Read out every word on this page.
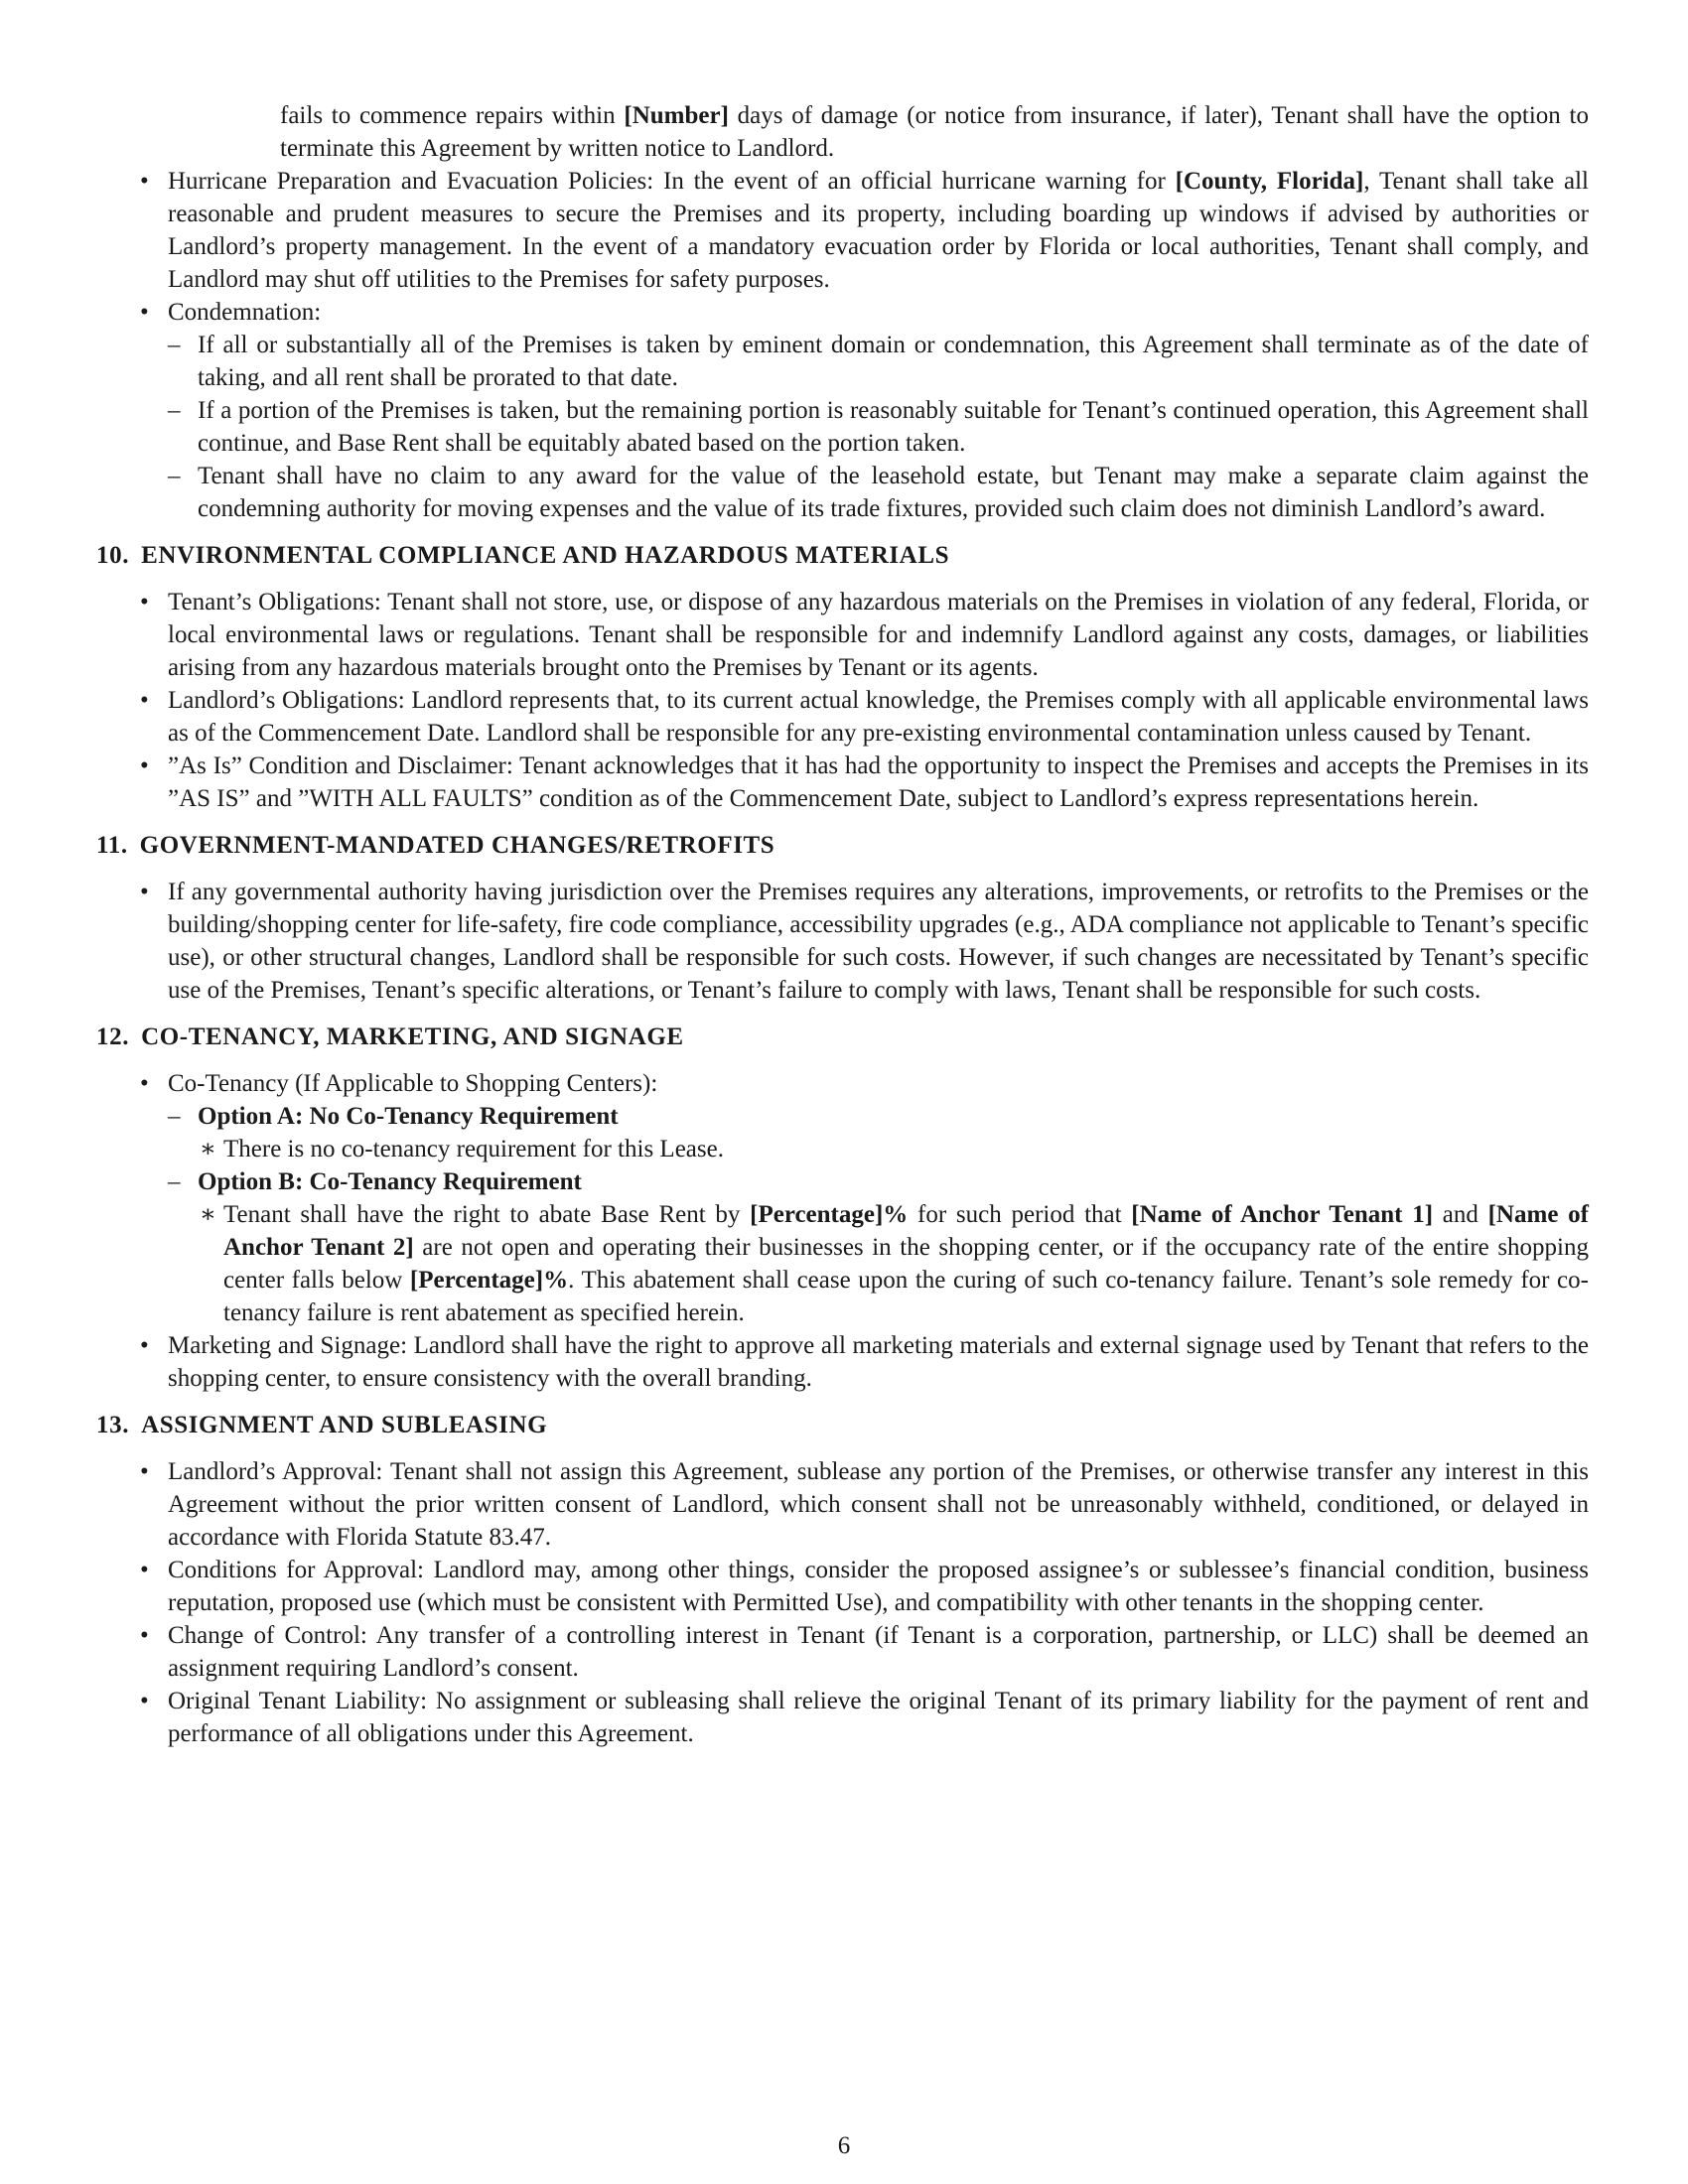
fails to commence repairs within [Number] days of damage (or notice from insurance, if later), Tenant shall have the option to terminate this Agreement by written notice to Landlord.

• Hurricane Preparation and Evacuation Policies: In the event of an official hurricane warning for [County, Florida], Tenant shall take all reasonable and prudent measures to secure the Premises and its property, including boarding up windows if advised by authorities or Landlord’s property management. In the event of a mandatory evacuation order by Florida or local authorities, Tenant shall comply, and Landlord may shut off utilities to the Premises for safety purposes.
• Condemnation:
– If all or substantially all of the Premises is taken by eminent domain or condemnation, this Agreement shall terminate as of the date of taking, and all rent shall be prorated to that date.
– If a portion of the Premises is taken, but the remaining portion is reasonably suitable for Tenant’s continued operation, this Agreement shall continue, and Base Rent shall be equitably abated based on the portion taken.
– Tenant shall have no claim to any award for the value of the leasehold estate, but Tenant may make a separate claim against the condemning authority for moving expenses and the value of its trade fixtures, provided such claim does not diminish Landlord’s award.
10. ENVIRONMENTAL COMPLIANCE AND HAZARDOUS MATERIALS
• Tenant’s Obligations: Tenant shall not store, use, or dispose of any hazardous materials on the Premises in violation of any federal, Florida, or local environmental laws or regulations. Tenant shall be responsible for and indemnify Landlord against any costs, damages, or liabilities arising from any hazardous materials brought onto the Premises by Tenant or its agents.
• Landlord’s Obligations: Landlord represents that, to its current actual knowledge, the Premises comply with all applicable environmental laws as of the Commencement Date. Landlord shall be responsible for any pre-existing environmental contamination unless caused by Tenant.
• ”As Is” Condition and Disclaimer: Tenant acknowledges that it has had the opportunity to inspect the Premises and accepts the Premises in its ”AS IS” and ”WITH ALL FAULTS” condition as of the Commencement Date, subject to Landlord’s express representations herein.
11. GOVERNMENT-MANDATED CHANGES/RETROFITS
• If any governmental authority having jurisdiction over the Premises requires any alterations, improvements, or retrofits to the Premises or the building/shopping center for life-safety, fire code compliance, accessibility upgrades (e.g., ADA compliance not applicable to Tenant’s specific use), or other structural changes, Landlord shall be responsible for such costs. However, if such changes are necessitated by Tenant’s specific use of the Premises, Tenant’s specific alterations, or Tenant’s failure to comply with laws, Tenant shall be responsible for such costs.
12. CO-TENANCY, MARKETING, AND SIGNAGE
• Co-Tenancy (If Applicable to Shopping Centers):
– Option A: No Co-Tenancy Requirement
∗ There is no co-tenancy requirement for this Lease.
– Option B: Co-Tenancy Requirement
∗ Tenant shall have the right to abate Base Rent by [Percentage]% for such period that [Name of Anchor Tenant 1] and [Name of Anchor Tenant 2] are not open and operating their businesses in the shopping center, or if the occupancy rate of the entire shopping center falls below [Percentage]%. This abatement shall cease upon the curing of such co-tenancy failure. Tenant’s sole remedy for co-tenancy failure is rent abatement as specified herein.
• Marketing and Signage: Landlord shall have the right to approve all marketing materials and external signage used by Tenant that refers to the shopping center, to ensure consistency with the overall branding.
13. ASSIGNMENT AND SUBLEASING
• Landlord’s Approval: Tenant shall not assign this Agreement, sublease any portion of the Premises, or otherwise transfer any interest in this Agreement without the prior written consent of Landlord, which consent shall not be unreasonably withheld, conditioned, or delayed in accordance with Florida Statute 83.47.
• Conditions for Approval: Landlord may, among other things, consider the proposed assignee’s or sublessee’s financial condition, business reputation, proposed use (which must be consistent with Permitted Use), and compatibility with other tenants in the shopping center.
• Change of Control: Any transfer of a controlling interest in Tenant (if Tenant is a corporation, partnership, or LLC) shall be deemed an assignment requiring Landlord’s consent.
• Original Tenant Liability: No assignment or subleasing shall relieve the original Tenant of its primary liability for the payment of rent and performance of all obligations under this Agreement.
6
